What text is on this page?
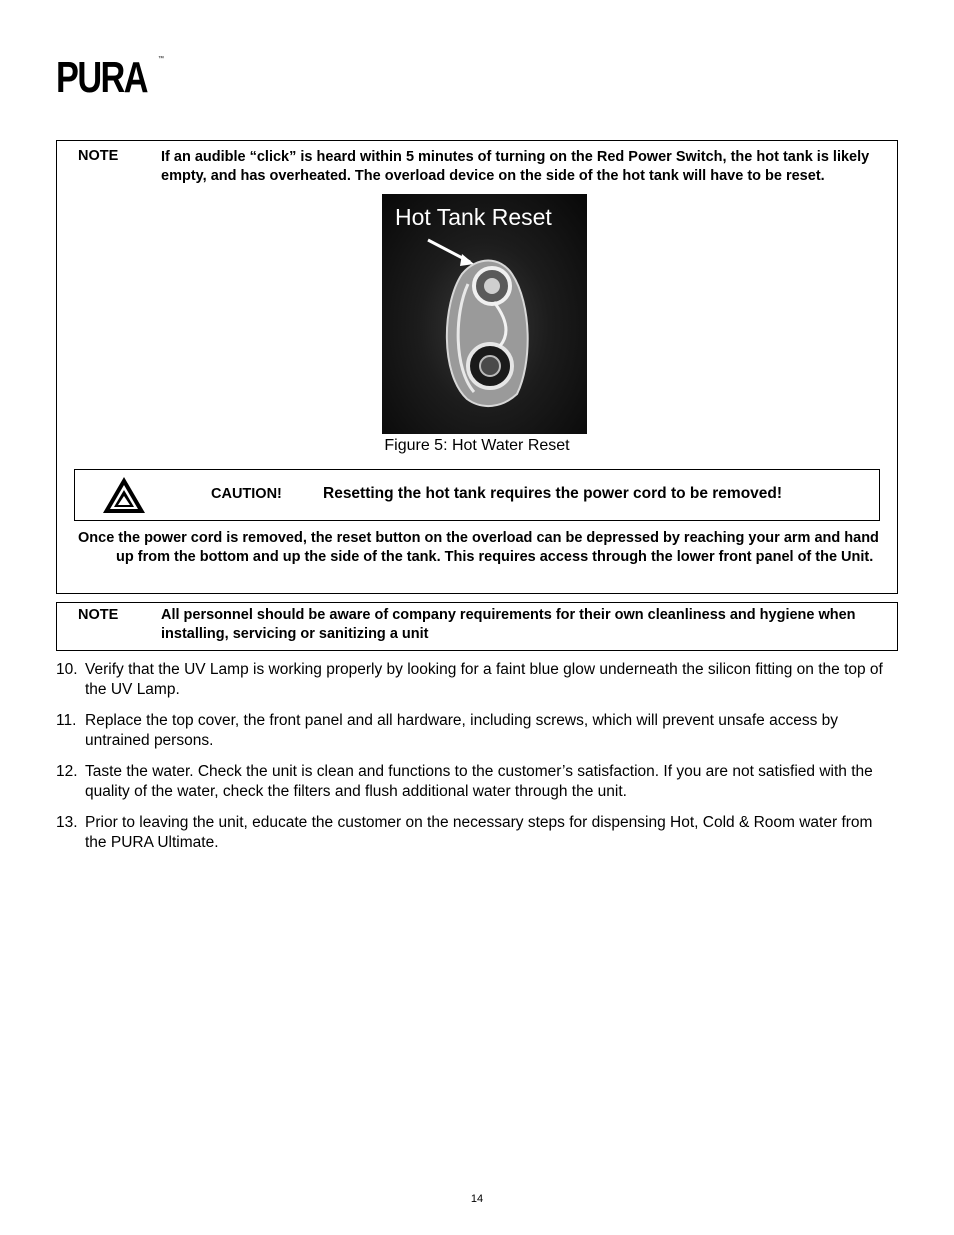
PURA ™
NOTE	If an audible “click” is heard within 5 minutes of turning on the Red Power Switch, the hot tank is likely empty, and has overheated. The overload device on the side of the hot tank will have to be reset.
Hot Tank Reset
Figure 5: Hot Water Reset
CAUTION!	Resetting the hot tank requires the power cord to be removed!
Once the power cord is removed, the reset button on the overload can be depressed by reaching your arm and hand up from the bottom and up the side of the tank. This requires access through the lower front panel of the Unit.
NOTE	All personnel should be aware of company requirements for their own cleanliness and hygiene when installing, servicing or sanitizing a unit
10. Verify that the UV Lamp is working properly by looking for a faint blue glow underneath the silicon fitting on the top of the UV Lamp.
11. Replace the top cover, the front panel and all hardware, including screws, which will prevent unsafe access by untrained persons.
12. Taste the water. Check the unit is clean and functions to the customer’s satisfaction. If you are not satisfied with the quality of the water, check the filters and flush additional water through the unit.
13. Prior to leaving the unit, educate the customer on the necessary steps for dispensing Hot, Cold & Room water from the PURA Ultimate.
14
